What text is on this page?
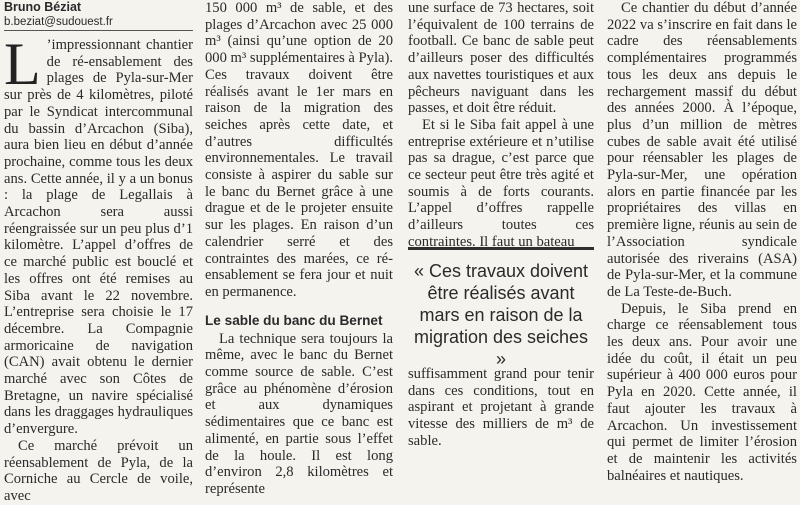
Bruno Béziat
b.beziat@sudouest.fr

L ’impressionnant chantier de ré-ensablement des plages de Pyla-sur-Mer sur près de 4 kilomètres, piloté par le Syndicat intercommunal du bassin d’Arcachon (Siba), aura bien lieu en début d’année prochaine, comme tous les deux ans. Cette année, il y a un bonus : la plage de Legallais à Arcachon sera aussi réengraissée sur un peu plus d’1 kilomètre. L’appel d’offres de ce marché public est bouclé et les offres ont été remises au Siba avant le 22 novembre. L’entreprise sera choisie le 17 décembre. La Compagnie armoricaine de navigation (CAN) avait obtenu le dernier marché avec son Côtes de Bretagne, un navire spécialisé dans les draggages hydrauliques d’envergure.

Ce marché prévoit un réensablement de Pyla, de la Corniche au Cercle de voile, avec

150 000 m³ de sable, et des plages d’Arcachon avec 25 000 m³ (ainsi qu’une option de 20 000 m³ supplémentaires à Pyla). Ces travaux doivent être réalisés avant le 1er mars en raison de la migration des seiches après cette date, et d’autres difficultés environnementales. Le travail consiste à aspirer du sable sur le banc du Bernet grâce à une drague et de le projeter ensuite sur les plages. En raison d’un calendrier serré et des contraintes des marées, ce ré-ensablement se fera jour et nuit en permanence.

Le sable du banc du Bernet

La technique sera toujours la même, avec le banc du Bernet comme source de sable. C’est grâce au phénomène d’érosion et aux dynamiques sédimentaires que ce banc est alimenté, en partie sous l’effet de la houle. Il est long d’environ 2,8 kilomètres et représente

une surface de 73 hectares, soit l’équivalent de 100 terrains de football. Ce banc de sable peut d’ailleurs poser des difficultés aux navettes touristiques et aux pêcheurs naviguant dans les passes, et doit être réduit.

Et si le Siba fait appel à une entreprise extérieure et n’utilise pas sa drague, c’est parce que ce secteur peut être très agité et soumis à de forts courants. L’appel d’offres rappelle d’ailleurs toutes ces contraintes. Il faut un bateau

suffisamment grand pour tenir dans ces conditions, tout en aspirant et projetant à grande vitesse des milliers de m³ de sable.

« Ces travaux doivent être réalisés avant mars en raison de la migration des seiches »

Ce chantier du début d’année 2022 va s’inscrire en fait dans le cadre des réensablements complémentaires programmés tous les deux ans depuis le rechargement massif du début des années 2000. À l’époque, plus d’un million de mètres cubes de sable avait été utilisé pour réensabler les plages de Pyla-sur-Mer, une opération alors en partie financée par les propriétaires des villas en première ligne, réunis au sein de l’Association syndicale autorisée des riverains (ASA) de Pyla-sur-Mer, et la commune de La Teste-de-Buch.

Depuis, le Siba prend en charge ce réensablement tous les deux ans. Pour avoir une idée du coût, il était un peu supérieur à 400 000 euros pour Pyla en 2020. Cette année, il faut ajouter les travaux à Arcachon. Un investissement qui permet de limiter l’érosion et de maintenir les activités balnéaires et nautiques.
